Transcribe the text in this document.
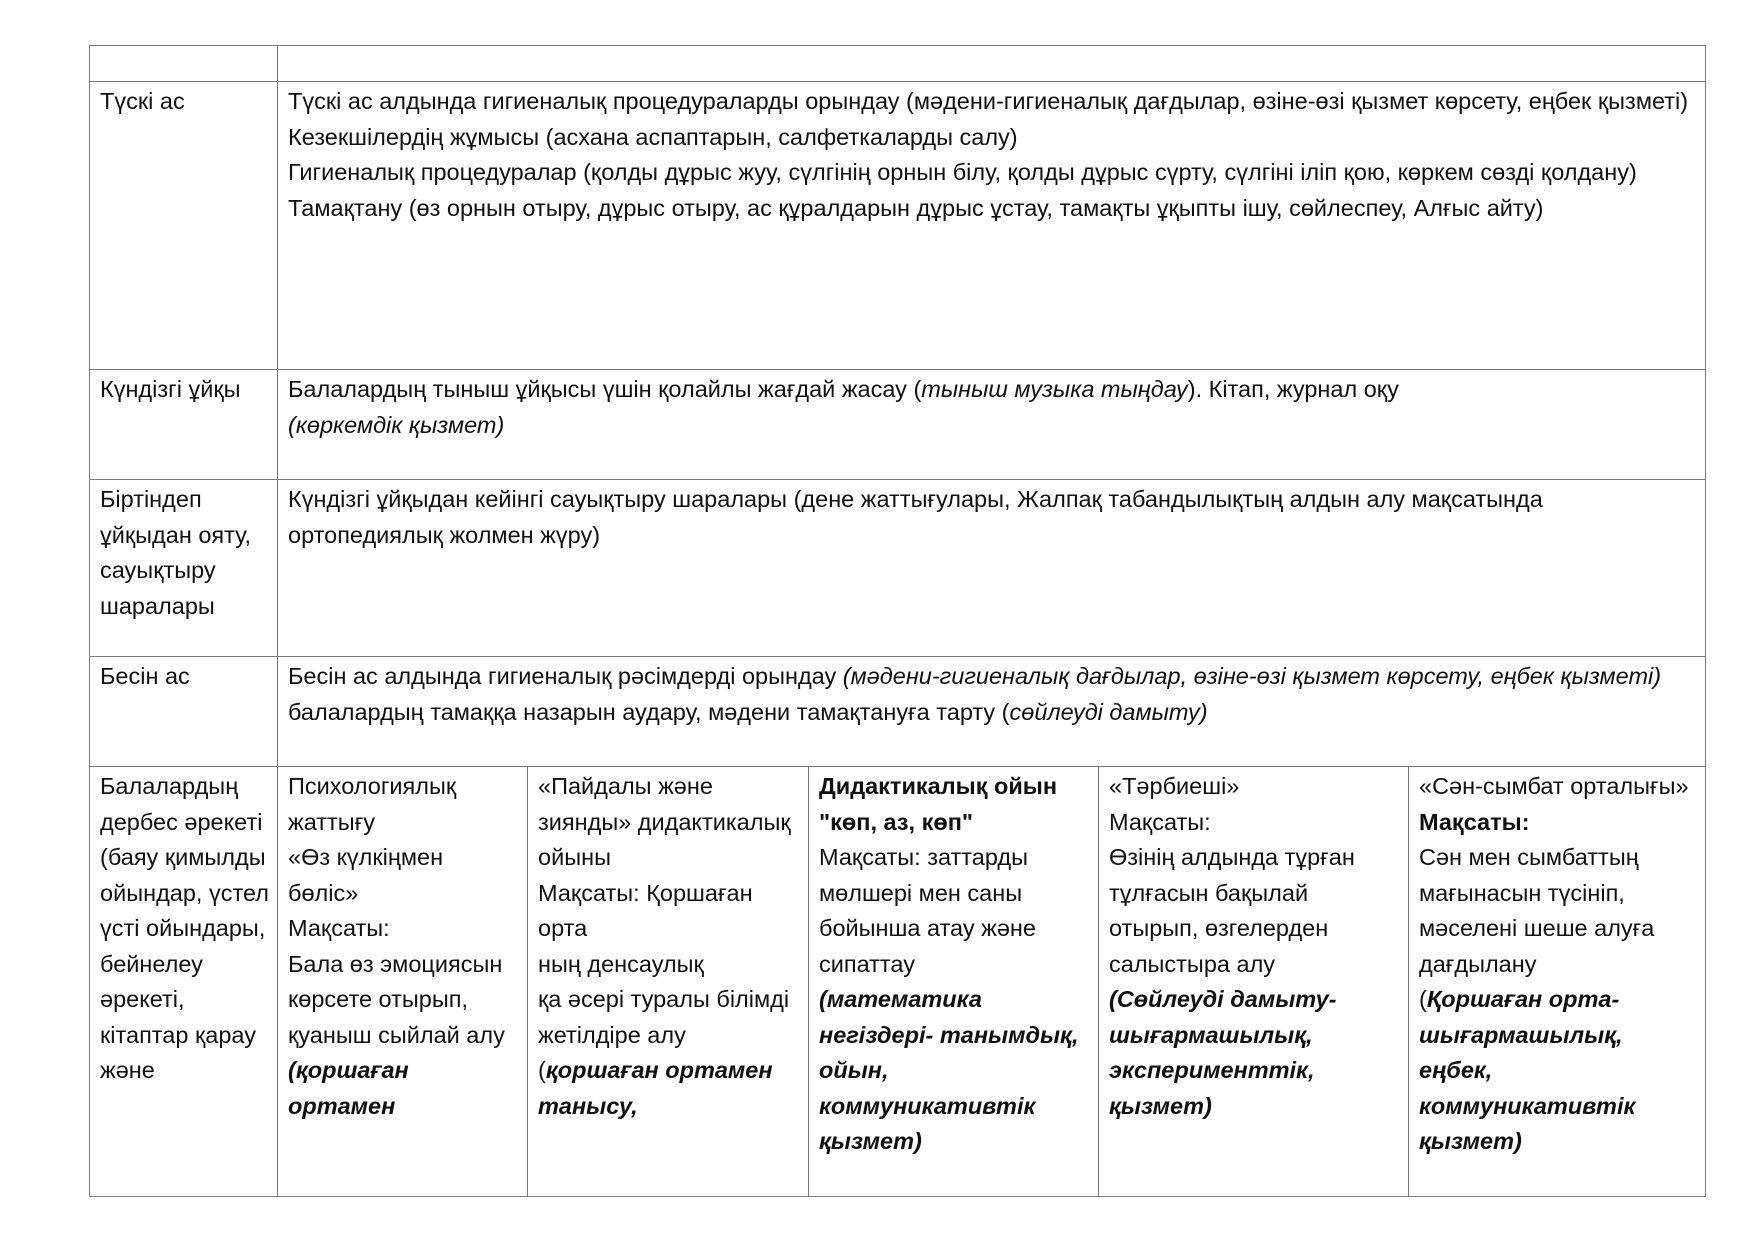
Түскі ас	Түскі ас алдында гигиеналық процедураларды орындау (мәдени-гигиеналық дағдылар, өзіне-өзі қызмет көрсету, еңбек қызметі)
Кезекшілердің жұмысы (асхана аспаптарын, салфеткаларды салу)
Гигиеналық процедуралар (қолды дұрыс жуу, сүлгінің орнын білу, қолды дұрыс сүрту, сүлгіні іліп қою, көркем сөзді қолдану)
Тамақтану (өз орнын отыру, дұрыс отыру, ас құралдарын дұрыс ұстау, тамақты ұқыпты ішу, сөйлеспеу, Алғыс айту)				

Күндізгі ұйқы	Балалардың тыныш ұйқысы үшін қолайлы жағдай жасау (тыныш музыка тыңдау). Кітап, журнал оқу
(көркемдік қызмет)				

Біртіндеп ұйқыдан ояту, сауықтыру шаралары	Күндізгі ұйқыдан кейінгі сауықтыру шаралары (дене жаттығулары, Жалпақ табандылықтың алдын алу мақсатында ортопедиялық жолмен жүру)				
Бесін ас	Бесін ас алдында гигиеналық рәсімдерді орындау (мәдени-гигиеналық дағдылар, өзіне-өзі қызмет көрсету, еңбек қызметі) балалардың тамаққа назарын аудару, мәдени тамақтануға тарту (сөйлеуді дамыту)				
Балалардың дербес әрекеті (баяу қимылды ойындар, үстел үсті ойындары, бейнелеу әрекеті, кітаптар қарау және	Психологиялық жаттығу
«Өз күлкіңмен бөліс»
Мақсаты:
Бала өз эмоциясын көрсете отырып, қуаныш сыйлай алу
(қоршаған ортамен	«Пайдалы және зиянды» дидактикалық ойыны
Мақсаты: Қоршаған орта
ның денсаулық
қа әсері туралы білімді жетілдіре алу
(қоршаған ортамен танысу,	Дидактикалық ойын "көп, аз, көп"
Мақсаты: заттарды мөлшері мен саны бойынша атау және сипаттау
(математика негіздері- танымдық, ойын, коммуникативтік қызмет)	«Тәрбиеші»
Мақсаты:
Өзінің алдында тұрған тұлғасын бақылай отырып, өзгелерден салыстыра алу
(Сөйлеуді дамыту- шығармашылық, эксперименттік, қызмет)	«Сән-сымбат орталығы»
Мақсаты:
Сән мен сымбаттың мағынасын түсініп, мәселені шеше алуға дағдылану
(Қоршаған орта- шығармашылық, еңбек, коммуникативтік қызмет)
